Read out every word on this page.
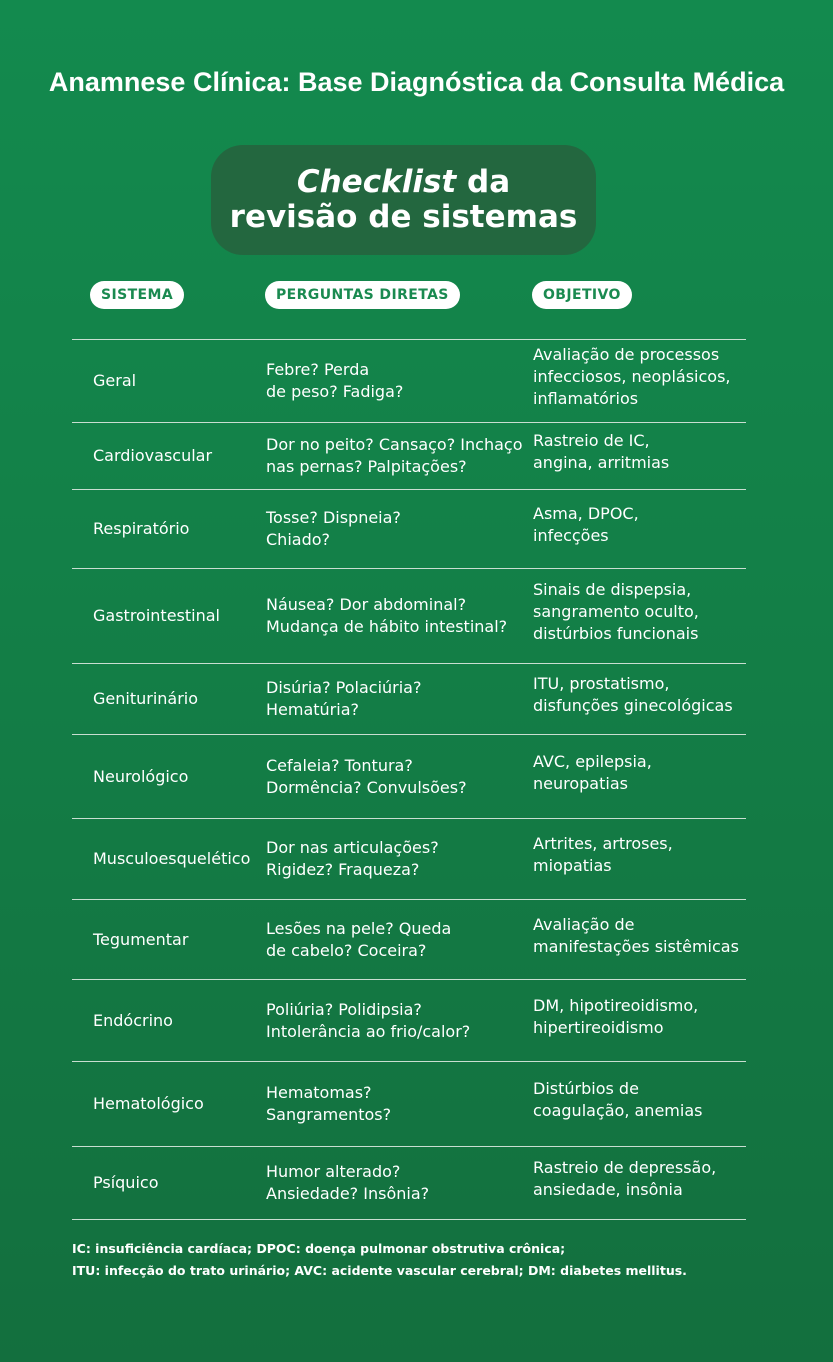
Anamnese Clínica: Base Diagnóstica da Consulta Médica
Checklist da
revisão de sistemas
SISTEMA	PERGUNTAS DIRETAS	OBJETIVO
Geral
Febre? Perda
de peso? Fadiga?
Avaliação de processos
infecciosos, neoplásicos,
inflamatórios
Cardiovascular
Dor no peito? Cansaço? Inchaço
nas pernas? Palpitações?
Rastreio de IC,
angina, arritmias
Respiratório
Tosse? Dispneia?
Chiado?
Asma, DPOC,
infecções
Gastrointestinal
Náusea? Dor abdominal?
Mudança de hábito intestinal?
Sinais de dispepsia,
sangramento oculto,
distúrbios funcionais
Geniturinário
Disúria? Polaciúria?
Hematúria?
ITU, prostatismo,
disfunções ginecológicas
Neurológico
Cefaleia? Tontura?
Dormência? Convulsões?
AVC, epilepsia,
neuropatias
Musculoesquelético
Dor nas articulações?
Rigidez? Fraqueza?
Artrites, artroses,
miopatias
Tegumentar
Lesões na pele? Queda
de cabelo? Coceira?
Avaliação de
manifestações sistêmicas
Endócrino
Poliúria? Polidipsia?
Intolerância ao frio/calor?
DM, hipotireoidismo,
hipertireoidismo
Hematológico
Hematomas?
Sangramentos?
Distúrbios de
coagulação, anemias
Psíquico
Humor alterado?
Ansiedade? Insônia?
Rastreio de depressão,
ansiedade, insônia
IC: insuficiência cardíaca; DPOC: doença pulmonar obstrutiva crônica;
ITU: infecção do trato urinário; AVC: acidente vascular cerebral; DM: diabetes mellitus.
